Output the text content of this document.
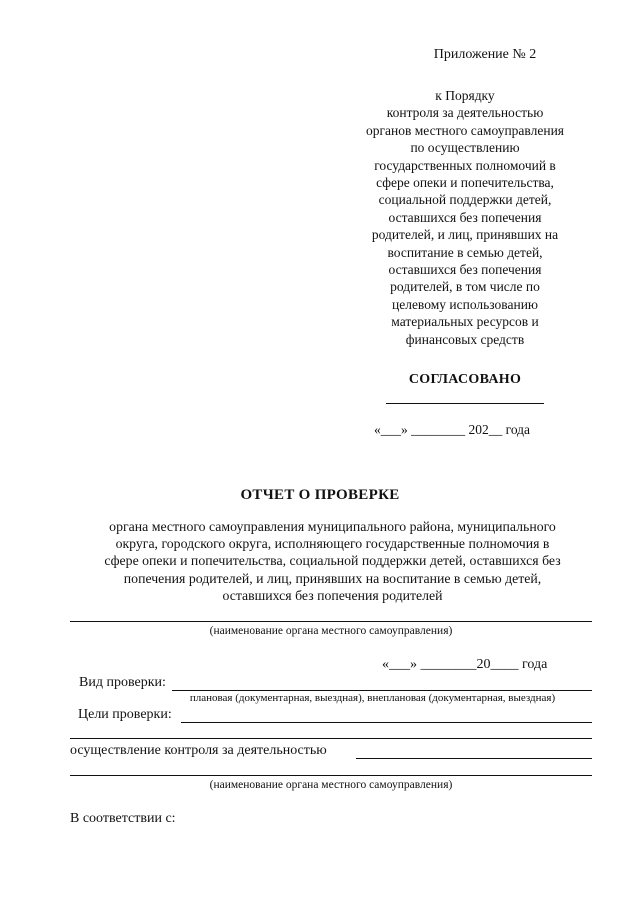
Приложение № 2
к Порядку
контроля за деятельностью
органов местного самоуправления
по осуществлению
государственных полномочий в
сфере опеки и попечительства,
социальной поддержки детей,
оставшихся без попечения
родителей, и лиц, принявших на
воспитание в семью детей,
оставшихся без попечения
родителей, в том числе по
целевому использованию
материальных ресурсов и
финансовых средств
СОГЛАСОВАНО
«___» ________ 202__ года
ОТЧЕТ О ПРОВЕРКЕ
органа местного самоуправления муниципального района, муниципального
округа, городского округа, исполняющего государственные полномочия в
сфере опеки и попечительства, социальной поддержки детей, оставшихся без
попечения родителей, и лиц, принявших на воспитание в семью детей,
оставшихся без попечения родителей
(наименование органа местного самоуправления)
«___» ________20____ года
Вид проверки:
плановая (документарная, выездная), внеплановая (документарная, выездная)
Цели проверки:
осуществление контроля за деятельностью
(наименование органа местного самоуправления)
В соответствии с:
